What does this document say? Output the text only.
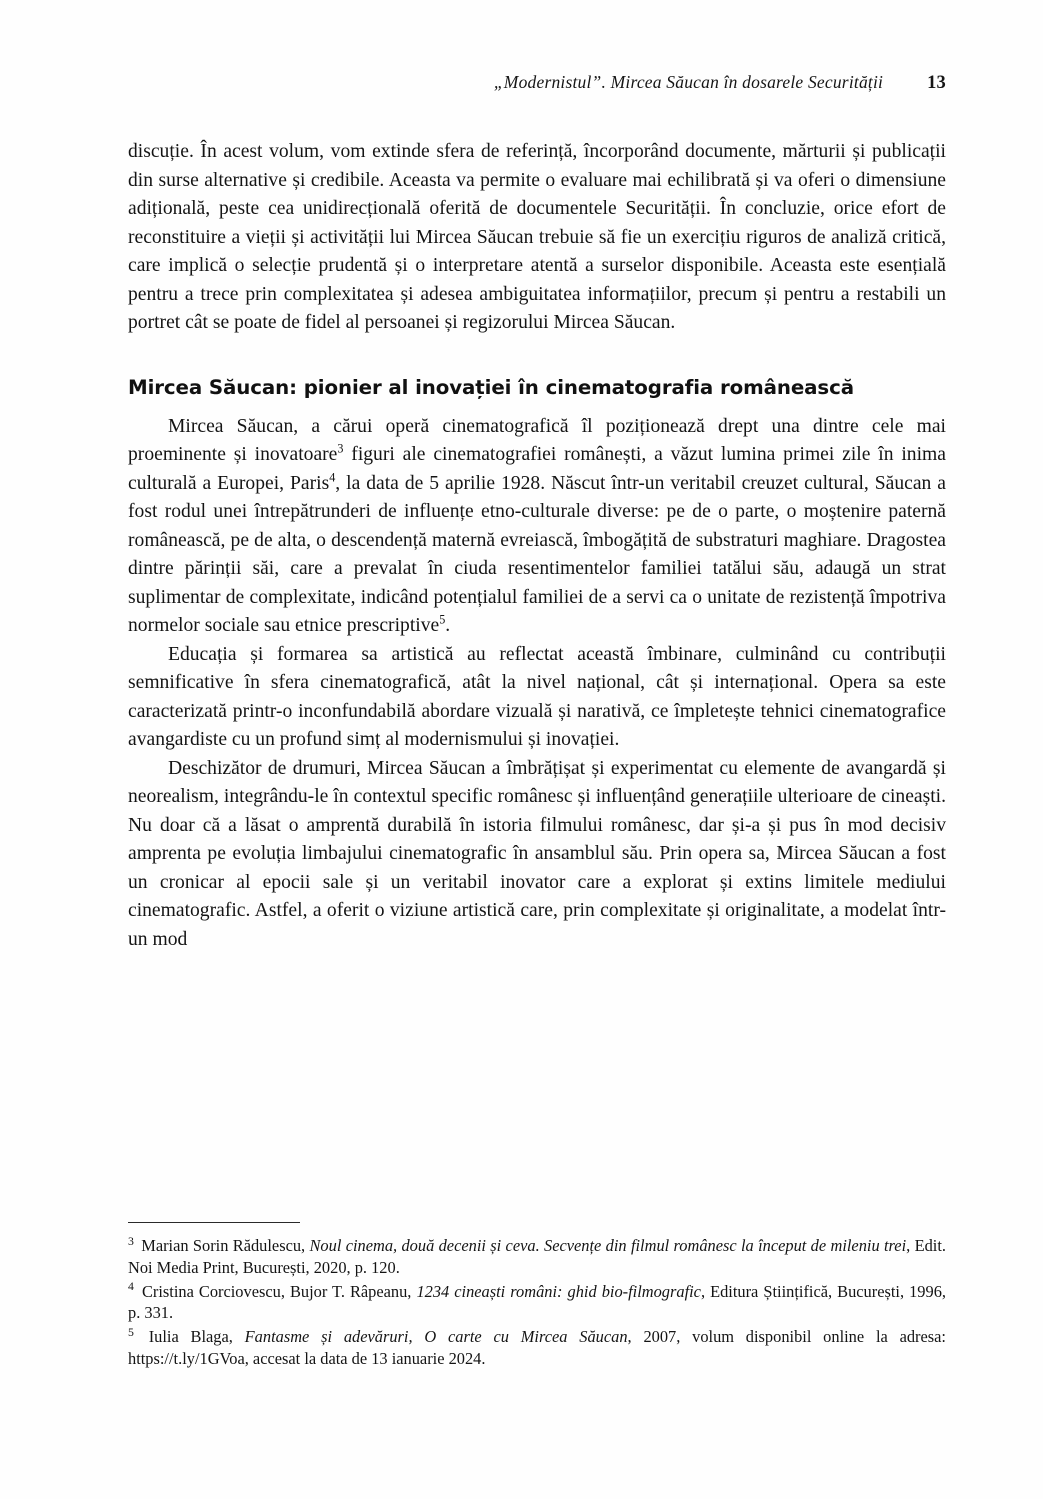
„Modernistul”. Mircea Săucan în dosarele Securității 13

discuție. În acest volum, vom extinde sfera de referință, încorporând documente, mărturii și publicații din surse alternative și credibile. Aceasta va permite o evaluare mai echilibrată și va oferi o dimensiune adițională, peste cea unidirecțională oferită de documentele Securității. În concluzie, orice efort de reconstituire a vieții și activității lui Mircea Săucan trebuie să fie un exercițiu riguros de analiză critică, care implică o selecție prudentă și o interpretare atentă a surselor disponibile. Aceasta este esențială pentru a trece prin complexitatea și adesea ambiguitatea informațiilor, precum și pentru a restabili un portret cât se poate de fidel al persoanei și regizorului Mircea Săucan.

Mircea Săucan: pionier al inovației în cinematografia românească

Mircea Săucan, a cărui operă cinematografică îl poziționează drept una dintre cele mai proeminente și inovatoare$^3$ figuri ale cinematografiei românești, a văzut lumina primei zile în inima culturală a Europei, Paris$^4$, la data de 5 aprilie 1928. Născut într-un veritabil creuzet cultural, Săucan a fost rodul unei întrepătrunderi de influențe etno-culturale diverse: pe de o parte, o moștenire paternă românească, pe de alta, o descendență maternă evreiască, îmbogățită de substraturi maghiare. Dragostea dintre părinții săi, care a prevalat în ciuda resentimentelor familiei tatălui său, adaugă un strat suplimentar de complexitate, indicând potențialul familiei de a servi ca o unitate de rezistență împotriva normelor sociale sau etnice prescriptive$^5$.

Educația și formarea sa artistică au reflectat această îmbinare, culminând cu contribuții semnificative în sfera cinematografică, atât la nivel național, cât și internațional. Opera sa este caracterizată printr-o inconfundabilă abordare vizuală și narativă, ce împletește tehnici cinematografice avangardiste cu un profund simț al modernismului și inovației.

Deschizător de drumuri, Mircea Săucan a îmbrățișat și experimentat cu elemente de avangardă și neorealism, integrându-le în contextul specific românesc și influențând generațiile ulterioare de cineaști. Nu doar că a lăsat o amprentă durabilă în istoria filmului românesc, dar și-a și pus în mod decisiv amprenta pe evoluția limbajului cinematografic în ansamblul său. Prin opera sa, Mircea Săucan a fost un cronicar al epocii sale și un veritabil inovator care a explorat și extins limitele mediului cinematografic. Astfel, a oferit o viziune artistică care, prin complexitate și originalitate, a modelat într-un mod

$^3$ Marian Sorin Rădulescu, Noul cinema, două decenii și ceva. Secvențe din filmul românesc la început de mileniu trei, Edit. Noi Media Print, București, 2020, p. 120.

$^4$ Cristina Corciovescu, Bujor T. Râpeanu, 1234 cineaști români: ghid bio-filmografic, Editura Științifică, București, 1996, p. 331.

$^5$ Iulia Blaga, Fantasme și adevăruri, O carte cu Mircea Săucan, 2007, volum disponibil online la adresa: https://t.ly/1GVoa, accesat la data de 13 ianuarie 2024.
